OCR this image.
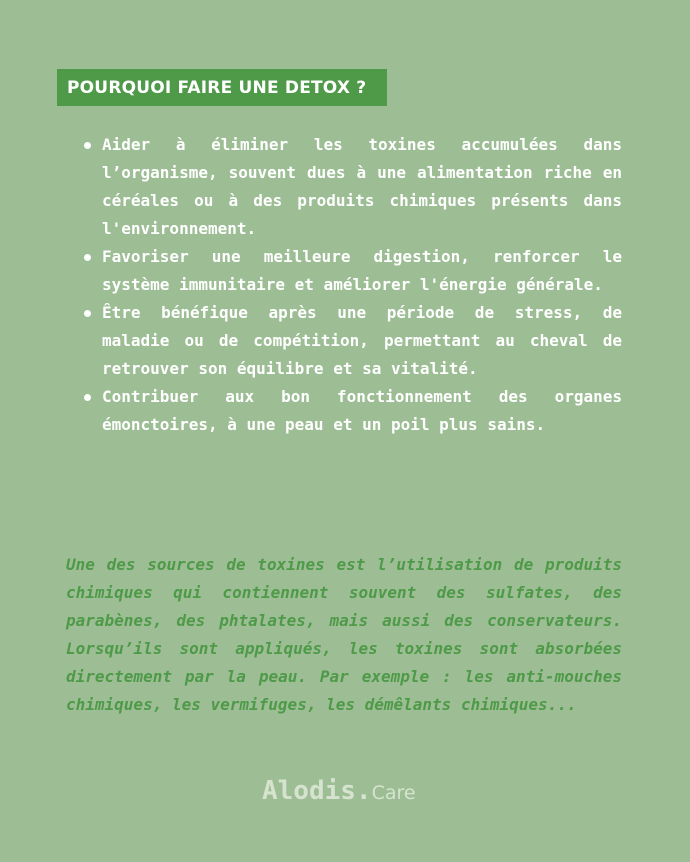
POURQUOI FAIRE UNE DETOX ?
Aider à éliminer les toxines accumulées dans l’organisme, souvent dues à une alimentation riche en céréales ou à des produits chimiques présents dans l'environnement.
Favoriser une meilleure digestion, renforcer le système immunitaire et améliorer l'énergie générale.
Être bénéfique après une période de stress, de maladie ou de compétition, permettant au cheval de retrouver son équilibre et sa vitalité.
Contribuer aux bon fonctionnement des organes émonctoires, à une peau et un poil plus sains.

Une des sources de toxines est l’utilisation de produits chimiques qui contiennent souvent des sulfates, des parabènes, des phtalates, mais aussi des conservateurs. Lorsqu’ils sont appliqués, les toxines sont absorbées directement par la peau. Par exemple : les anti-mouches chimiques, les vermifuges, les démêlants chimiques...

Alodis.Care
